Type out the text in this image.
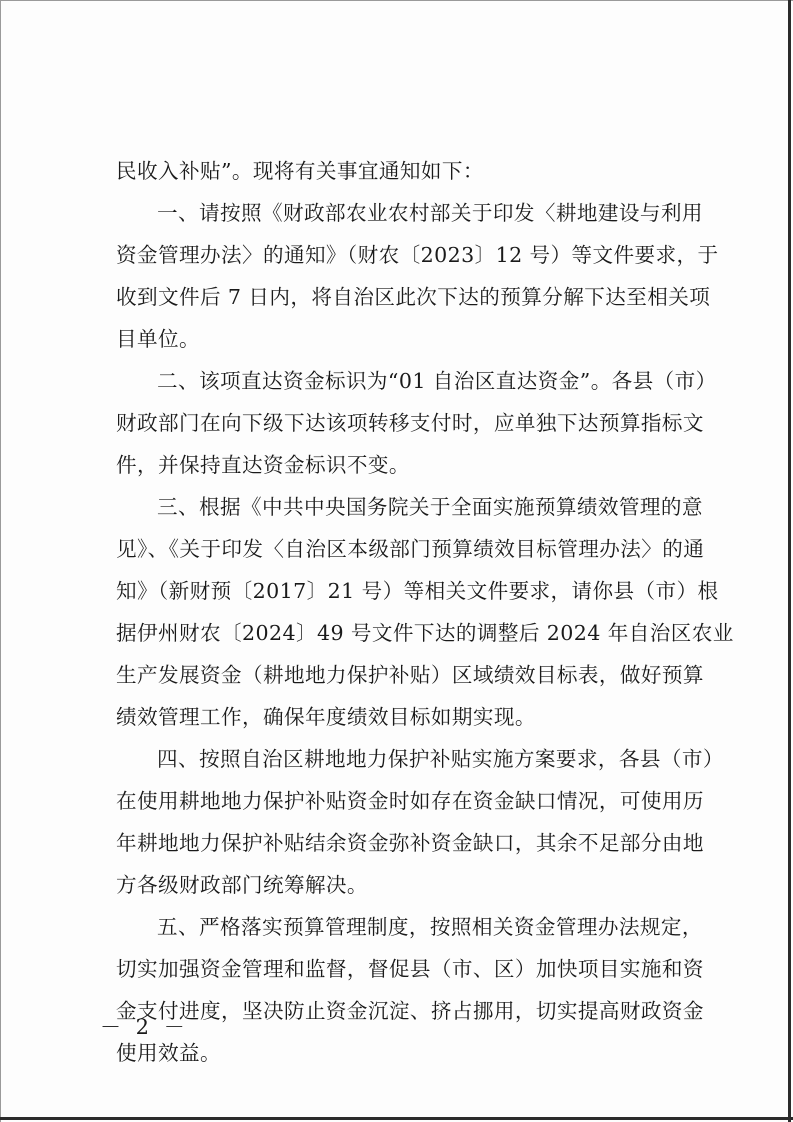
民收入补贴”。现将有关事宜通知如下：
一、请按照《财政部农业农村部关于印发〈耕地建设与利用
资金管理办法〉的通知》（财农〔2023〕12 号）等文件要求，于
收到文件后 7 日内，将自治区此次下达的预算分解下达至相关项
目单位。
二、该项直达资金标识为“01 自治区直达资金”。各县（市）
财政部门在向下级下达该项转移支付时，应单独下达预算指标文
件，并保持直达资金标识不变。
三、根据《中共中央国务院关于全面实施预算绩效管理的意
见》、《关于印发〈自治区本级部门预算绩效目标管理办法〉的通
知》（新财预〔2017〕21 号）等相关文件要求，请你县（市）根
据伊州财农〔2024〕49 号文件下达的调整后 2024 年自治区农业
生产发展资金（耕地地力保护补贴）区域绩效目标表，做好预算
绩效管理工作，确保年度绩效目标如期实现。
四、按照自治区耕地地力保护补贴实施方案要求，各县（市）
在使用耕地地力保护补贴资金时如存在资金缺口情况，可使用历
年耕地地力保护补贴结余资金弥补资金缺口，其余不足部分由地
方各级财政部门统筹解决。
五、严格落实预算管理制度，按照相关资金管理办法规定，
切实加强资金管理和监督，督促县（市、区）加快项目实施和资
金支付进度，坚决防止资金沉淀、挤占挪用，切实提高财政资金
使用效益。
－ 2 －
